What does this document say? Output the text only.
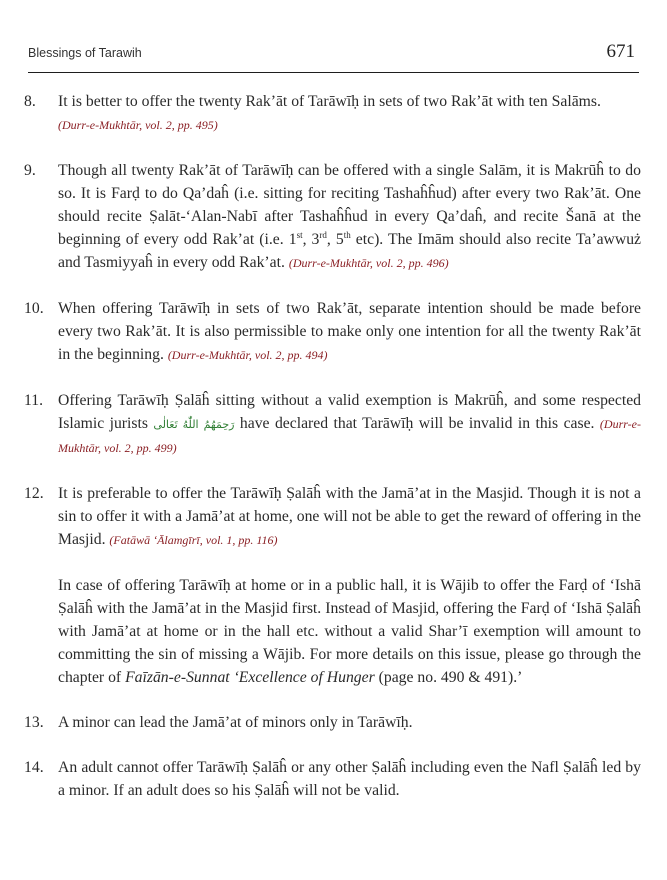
Blessings of Tarawih	671
8.	It is better to offer the twenty Rak’āt of Tarāwīḥ in sets of two Rak’āt with ten Salāms.
(Durr-e-Mukhtār, vol. 2, pp. 495)
9.	Though all twenty Rak’āt of Tarāwīḥ can be offered with a single Salām, it is Makrūĥ to do so. It is Farḍ to do Qa’daĥ (i.e. sitting for reciting Tashaĥĥud) after every two Rak’āt. One should recite Ṣalāt-‘Alan-Nabī after Tashaĥĥud in every Qa’daĥ, and recite Šanā at the beginning of every odd Rak’at (i.e. 1st, 3rd, 5th etc). The Imām should also recite Ta’awwuż and Tasmiyyaĥ in every odd Rak’at. (Durr-e-Mukhtār, vol. 2, pp. 496)
10. When offering Tarāwīḥ in sets of two Rak’āt, separate intention should be made before every two Rak’āt. It is also permissible to make only one intention for all the twenty Rak’āt in the beginning. (Durr-e-Mukhtār, vol. 2, pp. 494)
11. Offering Tarāwīḥ Ṣalāĥ sitting without a valid exemption is Makrūĥ, and some respected Islamic jurists رَحِمَهُمُ اللّٰهُ تَعَالٰى have declared that Tarāwīḥ will be invalid in this case. (Durr-e-Mukhtār, vol. 2, pp. 499)
12. It is preferable to offer the Tarāwīḥ Ṣalāĥ with the Jamā’at in the Masjid. Though it is not a sin to offer it with a Jamā’at at home, one will not be able to get the reward of offering in the Masjid. (Fatāwā ‘Ālamgīrī, vol. 1, pp. 116)

In case of offering Tarāwīḥ at home or in a public hall, it is Wājib to offer the Farḍ of ‘Ishā Ṣalāĥ with the Jamā’at in the Masjid first. Instead of Masjid, offering the Farḍ of ‘Ishā Ṣalāĥ with Jamā’at at home or in the hall etc. without a valid Shar’ī exemption will amount to committing the sin of missing a Wājib. For more details on this issue, please go through the chapter of Faīzān-e-Sunnat ‘Excellence of Hunger (page no. 490 & 491).’

13. A minor can lead the Jamā’at of minors only in Tarāwīḥ.
14. An adult cannot offer Tarāwīḥ Ṣalāĥ or any other Ṣalāĥ including even the Nafl Ṣalāĥ led by a minor. If an adult does so his Ṣalāĥ will not be valid.
